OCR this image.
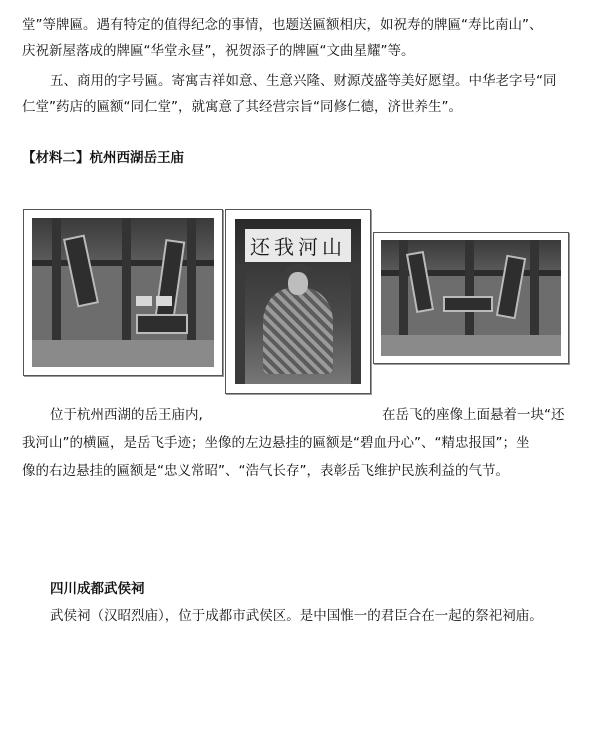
堂”等牌匾。遇有特定的值得纪念的事情，也题送匾额相庆，如祝寿的牌匾“寿比南山”、
庆祝新屋落成的牌匾“华堂永昼”，祝贺添子的牌匾“文曲星耀”等。
五、商用的字号匾。寄寓吉祥如意、生意兴隆、财源茂盛等美好愿望。中华老字号“同
仁堂”药店的匾额“同仁堂”，就寓意了其经营宗旨“同修仁德，济世养生”。
【材料二】杭州西湖岳王庙
还我河山
位于杭州西湖的岳王庙内,	在岳飞的座像上面悬着一块“还
我河山”的横匾，是岳飞手迹；坐像的左边悬挂的匾额是“碧血丹心”、“精忠报国”；坐
像的右边悬挂的匾额是“忠义常昭”、“浩气长存”，表彰岳飞维护民族利益的气节。
四川成都武侯祠
武侯祠（汉昭烈庙），位于成都市武侯区。是中国惟一的君臣合在一起的祭祀祠庙。
